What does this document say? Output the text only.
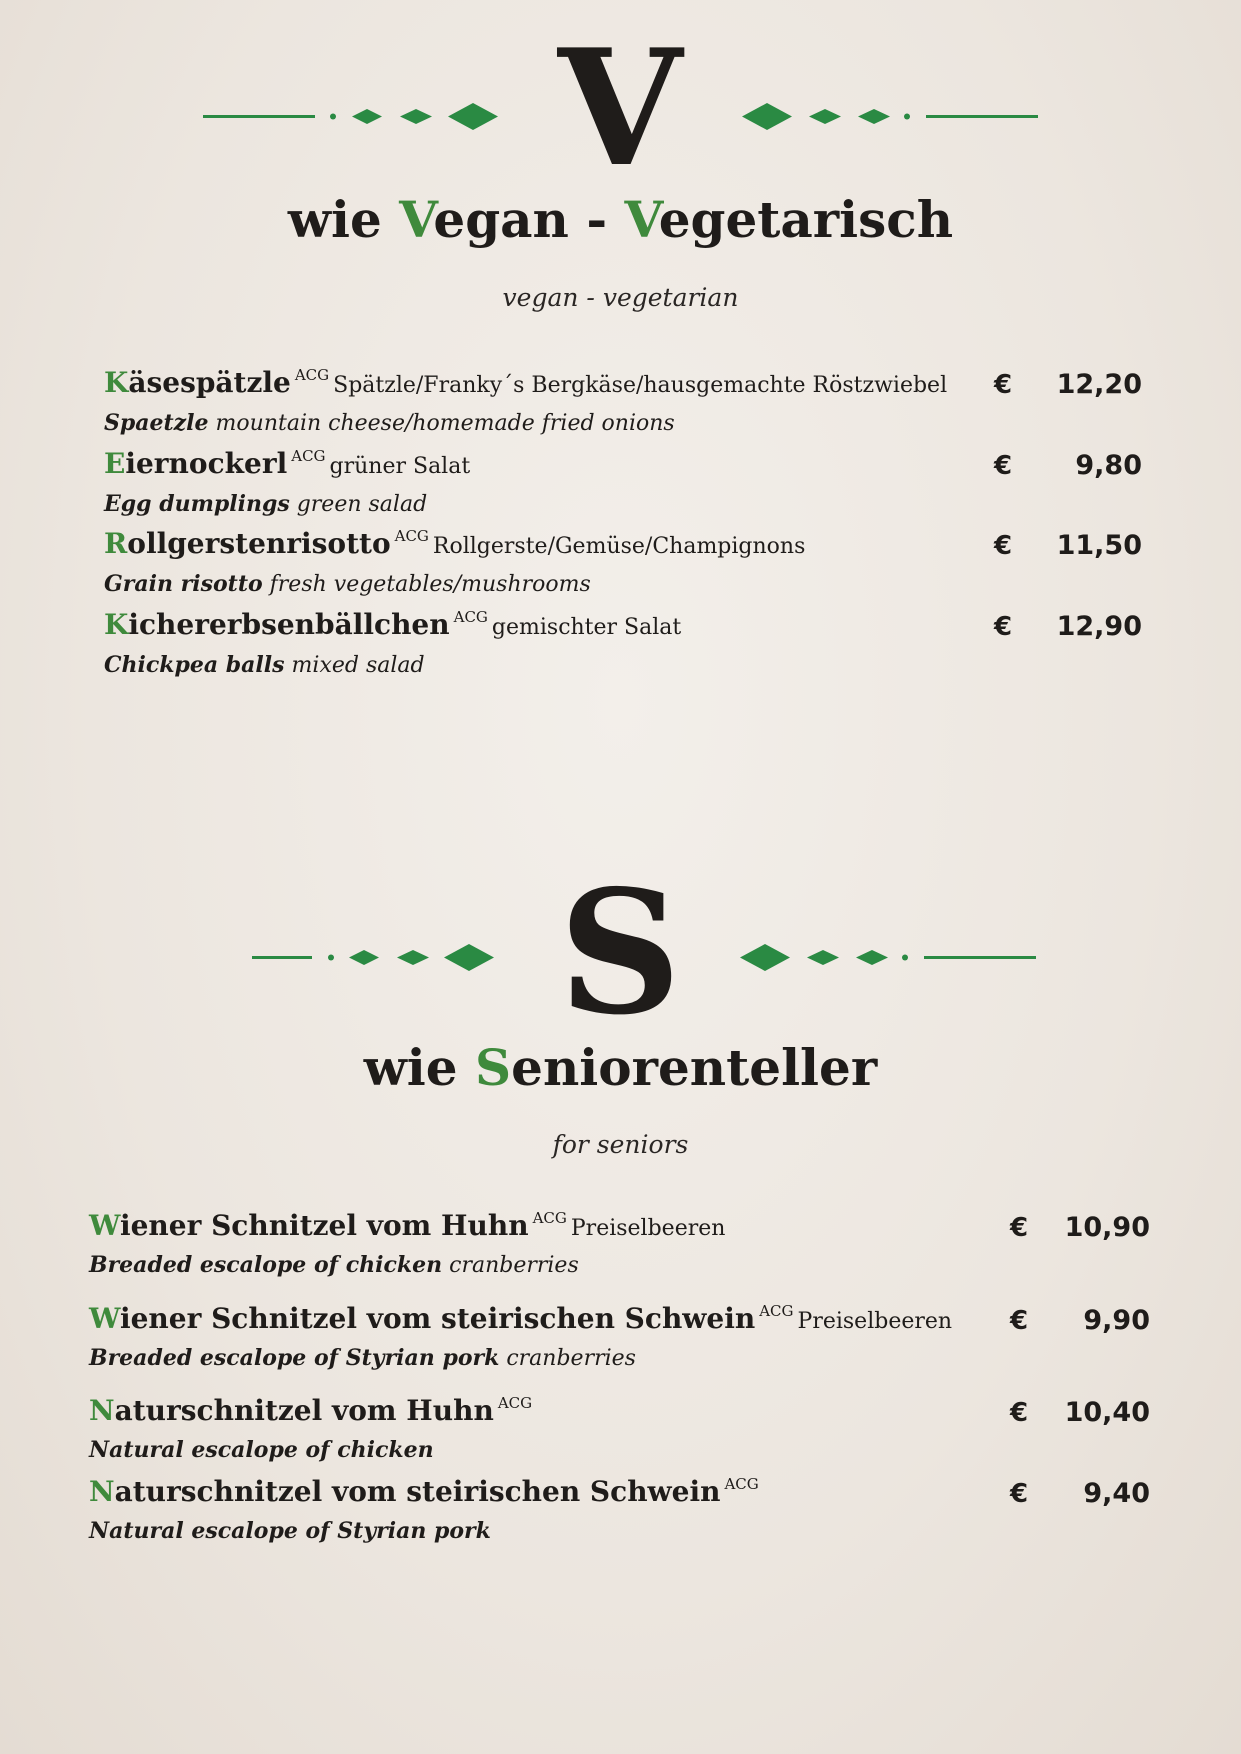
V
wie Vegan - Vegetarisch
vegan - vegetarian
Käsespätzle $^{ACG}$ Spätzle/Franky´s Bergkäse/hausgemachte Röstzwiebel
Spaetzle mountain cheese/homemade fried onions
€	12,20
Eiernockerl $^{ACG}$ grüner Salat
Egg dumplings green salad
€	9,80
Rollgerstenrisotto $^{ACG}$ Rollgerste/Gemüse/Champignons
Grain risotto fresh vegetables/mushrooms
€	11,50
Kichererbsenbällchen $^{ACG}$ gemischter Salat
Chickpea balls mixed salad
€	12,90
S
wie Seniorenteller
for seniors
Wiener Schnitzel vom Huhn $^{ACG}$ Preiselbeeren
Breaded escalope of chicken cranberries
€	10,90
Wiener Schnitzel vom steirischen Schwein $^{ACG}$ Preiselbeeren
Breaded escalope of Styrian pork cranberries
€	9,90
Naturschnitzel vom Huhn $^{ACG}$
Natural escalope of chicken
€	10,40
Naturschnitzel vom steirischen Schwein $^{ACG}$
Natural escalope of Styrian pork
€	9,40
